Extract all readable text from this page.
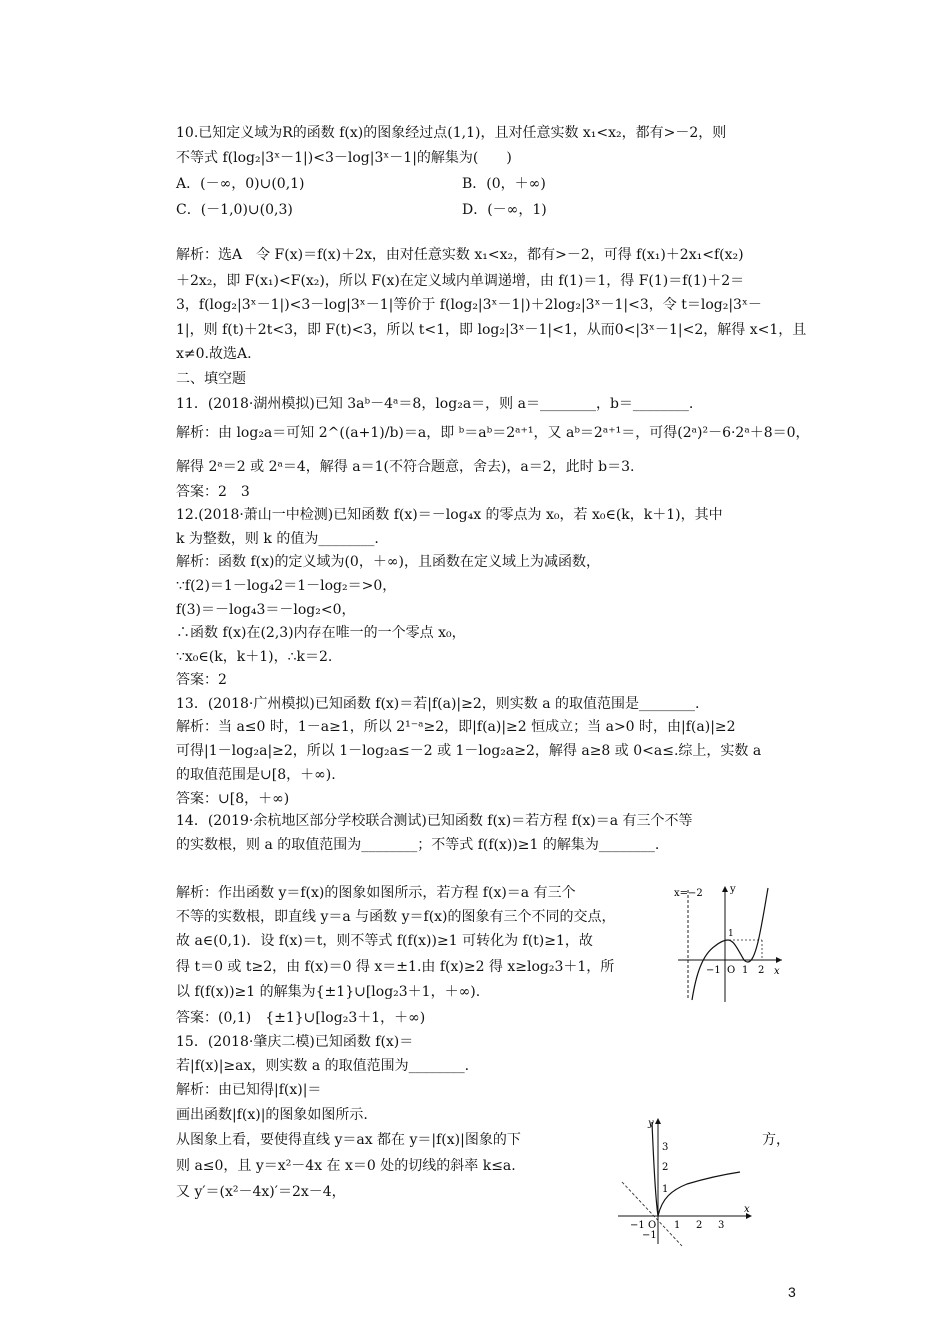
10.已知定义域为R的函数 f(x)的图象经过点(1,1)，且对任意实数 x₁<x₂，都有>－2，则
不等式 f(log₂|3ˣ－1|)<3－log|3ˣ－1|的解集为(　　)
A．(－∞，0)∪(0,1)	B．(0，＋∞)
C．(－1,0)∪(0,3)	D．(－∞，1)
解析：选A　令 F(x)＝f(x)＋2x，由对任意实数 x₁<x₂，都有>－2，可得 f(x₁)＋2x₁<f(x₂)
＋2x₂，即 F(x₁)<F(x₂)，所以 F(x)在定义域内单调递增，由 f(1)＝1，得 F(1)＝f(1)＋2＝
3，f(log₂|3ˣ－1|)<3－log|3ˣ－1|等价于 f(log₂|3ˣ－1|)＋2log₂|3ˣ－1|<3，令 t＝log₂|3ˣ－
1|，则 f(t)＋2t<3，即 F(t)<3，所以 t<1，即 log₂|3ˣ－1|<1，从而0<|3ˣ－1|<2，解得 x<1，且
x≠0.故选A.
二、填空题
11．(2018·湖州模拟)已知 3aᵇ－4ᵃ＝8，log₂a＝，则 a＝________，b＝________.
解析：由 log₂a＝可知 2^((a+1)/b)＝a，即 ᵇ＝aᵇ＝2ᵃ⁺¹，又 aᵇ＝2ᵃ⁺¹＝，可得(2ᵃ)²－6·2ᵃ＋8＝0，
解得 2ᵃ＝2 或 2ᵃ＝4，解得 a＝1(不符合题意，舍去)，a＝2，此时 b＝3.
答案：2　3
12.(2018·萧山一中检测)已知函数 f(x)＝－log₄x 的零点为 x₀，若 x₀∈(k，k＋1)，其中
k 为整数，则 k 的值为________.
解析：函数 f(x)的定义域为(0，＋∞)，且函数在定义域上为减函数，
∵f(2)＝1－log₄2＝1－log₂＝>0，
f(3)＝－log₄3＝－log₂<0，
∴函数 f(x)在(2,3)内存在唯一的一个零点 x₀，
∵x₀∈(k，k＋1)，∴k＝2.
答案：2
13．(2018·广州模拟)已知函数 f(x)＝若|f(a)|≥2，则实数 a 的取值范围是________.
解析：当 a≤0 时，1－a≥1，所以 2¹⁻ᵃ≥2，即|f(a)|≥2 恒成立；当 a>0 时，由|f(a)|≥2
可得|1－log₂a|≥2，所以 1－log₂a≤－2 或 1－log₂a≥2，解得 a≥8 或 0<a≤.综上，实数 a
的取值范围是∪[8，＋∞).
答案：∪[8，＋∞)
14．(2019·余杭地区部分学校联合测试)已知函数 f(x)＝若方程 f(x)＝a 有三个不等
的实数根，则 a 的取值范围为________；不等式 f(f(x))≥1 的解集为________.
解析：作出函数 y＝f(x)的图象如图所示，若方程 f(x)＝a 有三个
不等的实数根，即直线 y＝a 与函数 y＝f(x)的图象有三个不同的交点，
故 a∈(0,1)．设 f(x)＝t，则不等式 f(f(x))≥1 可转化为 f(t)≥1，故
得 t＝0 或 t≥2，由 f(x)＝0 得 x＝±1.由 f(x)≥2 得 x≥log₂3＋1，所
以 f(f(x))≥1 的解集为{±1}∪[log₂3＋1，＋∞).
答案：(0,1)　{±1}∪[log₂3＋1，＋∞)
x=−2	y
x
1
−1 O 1 2
15．(2018·肇庆二模)已知函数 f(x)＝
若|f(x)|≥ax，则实数 a 的取值范围为________.
解析：由已知得|f(x)|＝
画出函数|f(x)|的图象如图所示.
从图象上看，要使得直线 y＝ax 都在 y＝|f(x)|图象的下	方，
则 a≤0，且 y＝x²－4x 在 x＝0 处的切线的斜率 k≤a.
又 y′＝(x²－4x)′＝2x－4，
y
x
3
2
1
−1
−1 O 1 2 3
3
